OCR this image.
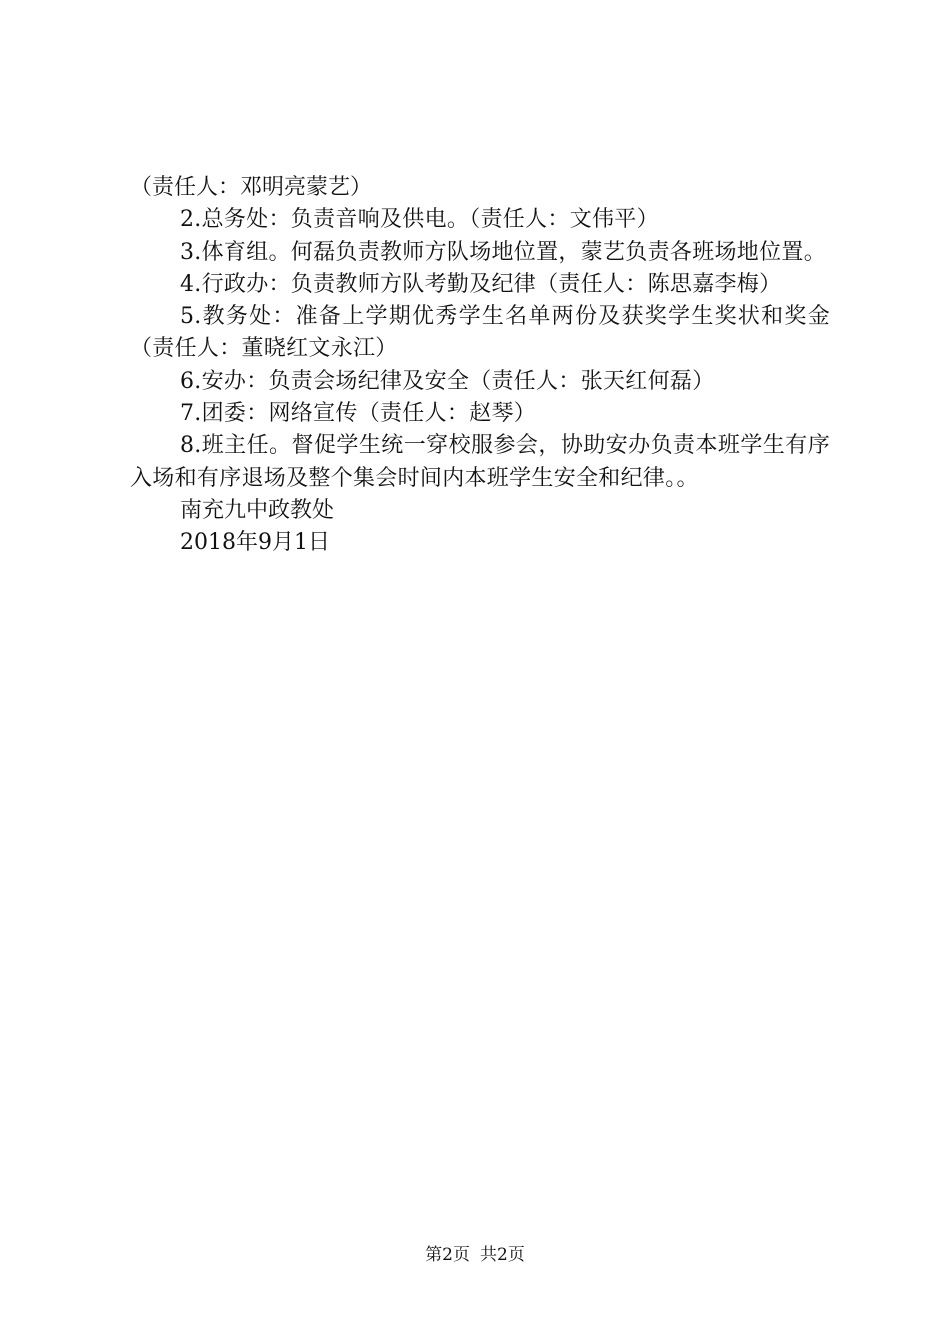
（责任人：邓明亮蒙艺）

2.总务处：负责音响及供电。（责任人：文伟平）

3.体育组。何磊负责教师方队场地位置，蒙艺负责各班场地位置。

4.行政办：负责教师方队考勤及纪律（责任人：陈思嘉李梅）

5.教务处：准备上学期优秀学生名单两份及获奖学生奖状和奖金（责任人：董晓红文永江）

6.安办：负责会场纪律及安全（责任人：张天红何磊）

7.团委：网络宣传（责任人：赵琴）

8.班主任。督促学生统一穿校服参会，协助安办负责本班学生有序入场和有序退场及整个集会时间内本班学生安全和纪律。。

南充九中政教处
2018年9月1日
第2页 共2页
